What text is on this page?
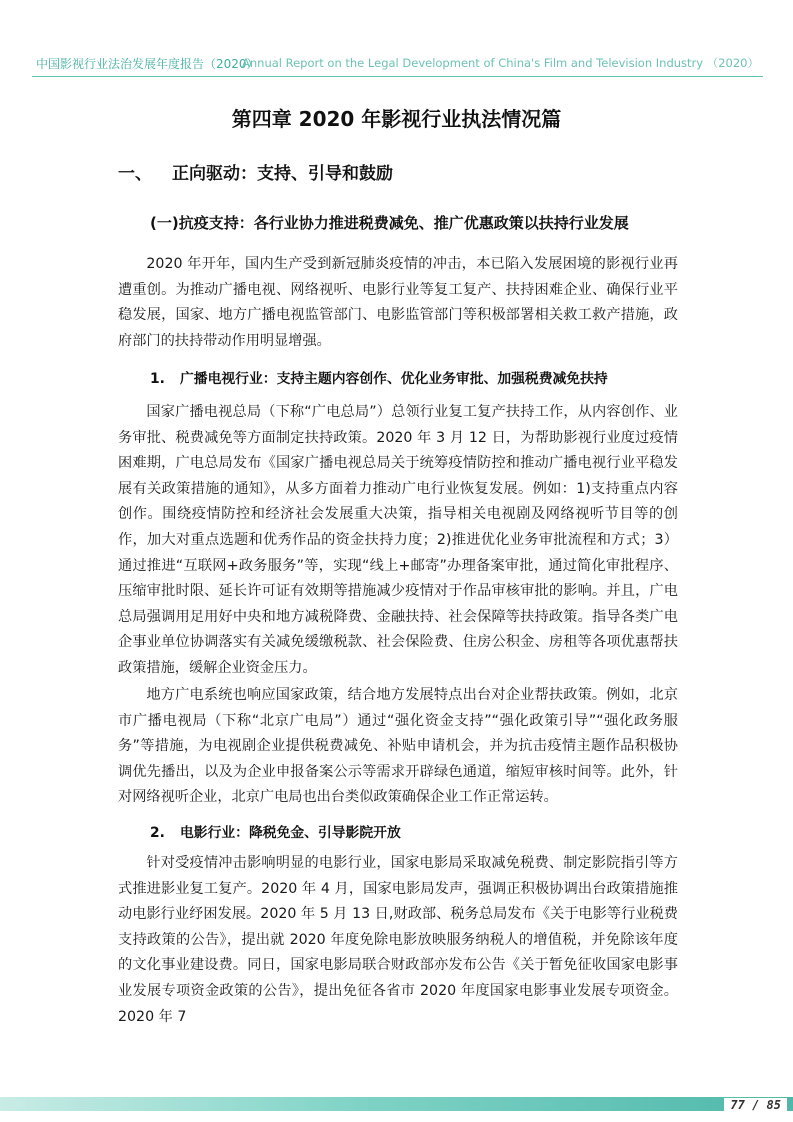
中国影视行业法治发展年度报告（2020）
Annual Report on the Legal Development of China's Film and Television Industry （2020）
第四章 2020 年影视行业执法情况篇
一、 正向驱动：支持、引导和鼓励
(一)抗疫支持：各行业协力推进税费减免、推广优惠政策以扶持行业发展

2020 年开年，国内生产受到新冠肺炎疫情的冲击，本已陷入发展困境的影视行业再遭重创。为推动广播电视、网络视听、电影行业等复工复产、扶持困难企业、确保行业平稳发展，国家、地方广播电视监管部门、电影监管部门等积极部署相关救工救产措施，政府部门的扶持带动作用明显增强。

1. 广播电视行业：支持主题内容创作、优化业务审批、加强税费减免扶持

国家广播电视总局（下称“广电总局”）总领行业复工复产扶持工作，从内容创作、业务审批、税费减免等方面制定扶持政策。2020 年 3 月 12 日，为帮助影视行业度过疫情困难期，广电总局发布《国家广播电视总局关于统筹疫情防控和推动广播电视行业平稳发展有关政策措施的通知》，从多方面着力推动广电行业恢复发展。例如：1)支持重点内容创作。围绕疫情防控和经济社会发展重大决策，指导相关电视剧及网络视听节目等的创作，加大对重点选题和优秀作品的资金扶持力度；2)推进优化业务审批流程和方式；3）通过推进“互联网+政务服务”等，实现“线上+邮寄”办理备案审批，通过简化审批程序、压缩审批时限、延长许可证有效期等措施减少疫情对于作品审核审批的影响。并且，广电总局强调用足用好中央和地方减税降费、金融扶持、社会保障等扶持政策。指导各类广电企事业单位协调落实有关减免缓缴税款、社会保险费、住房公积金、房租等各项优惠帮扶政策措施，缓解企业资金压力。

地方广电系统也响应国家政策，结合地方发展特点出台对企业帮扶政策。例如，北京市广播电视局（下称“北京广电局”）通过“强化资金支持”“强化政策引导”“强化政务服务”等措施，为电视剧企业提供税费减免、补贴申请机会，并为抗击疫情主题作品积极协调优先播出，以及为企业申报备案公示等需求开辟绿色通道，缩短审核时间等。此外，针对网络视听企业，北京广电局也出台类似政策确保企业工作正常运转。

2. 电影行业：降税免金、引导影院开放

针对受疫情冲击影响明显的电影行业，国家电影局采取减免税费、制定影院指引等方式推进影业复工复产。2020 年 4 月，国家电影局发声，强调正积极协调出台政策措施推动电影行业纾困发展。2020 年 5 月 13 日,财政部、税务总局发布《关于电影等行业税费支持政策的公告》，提出就 2020 年度免除电影放映服务纳税人的增值税，并免除该年度的文化事业建设费。同日，国家电影局联合财政部亦发布公告《关于暂免征收国家电影事业发展专项资金政策的公告》，提出免征各省市 2020 年度国家电影事业发展专项资金。2020 年 7

77 / 85
